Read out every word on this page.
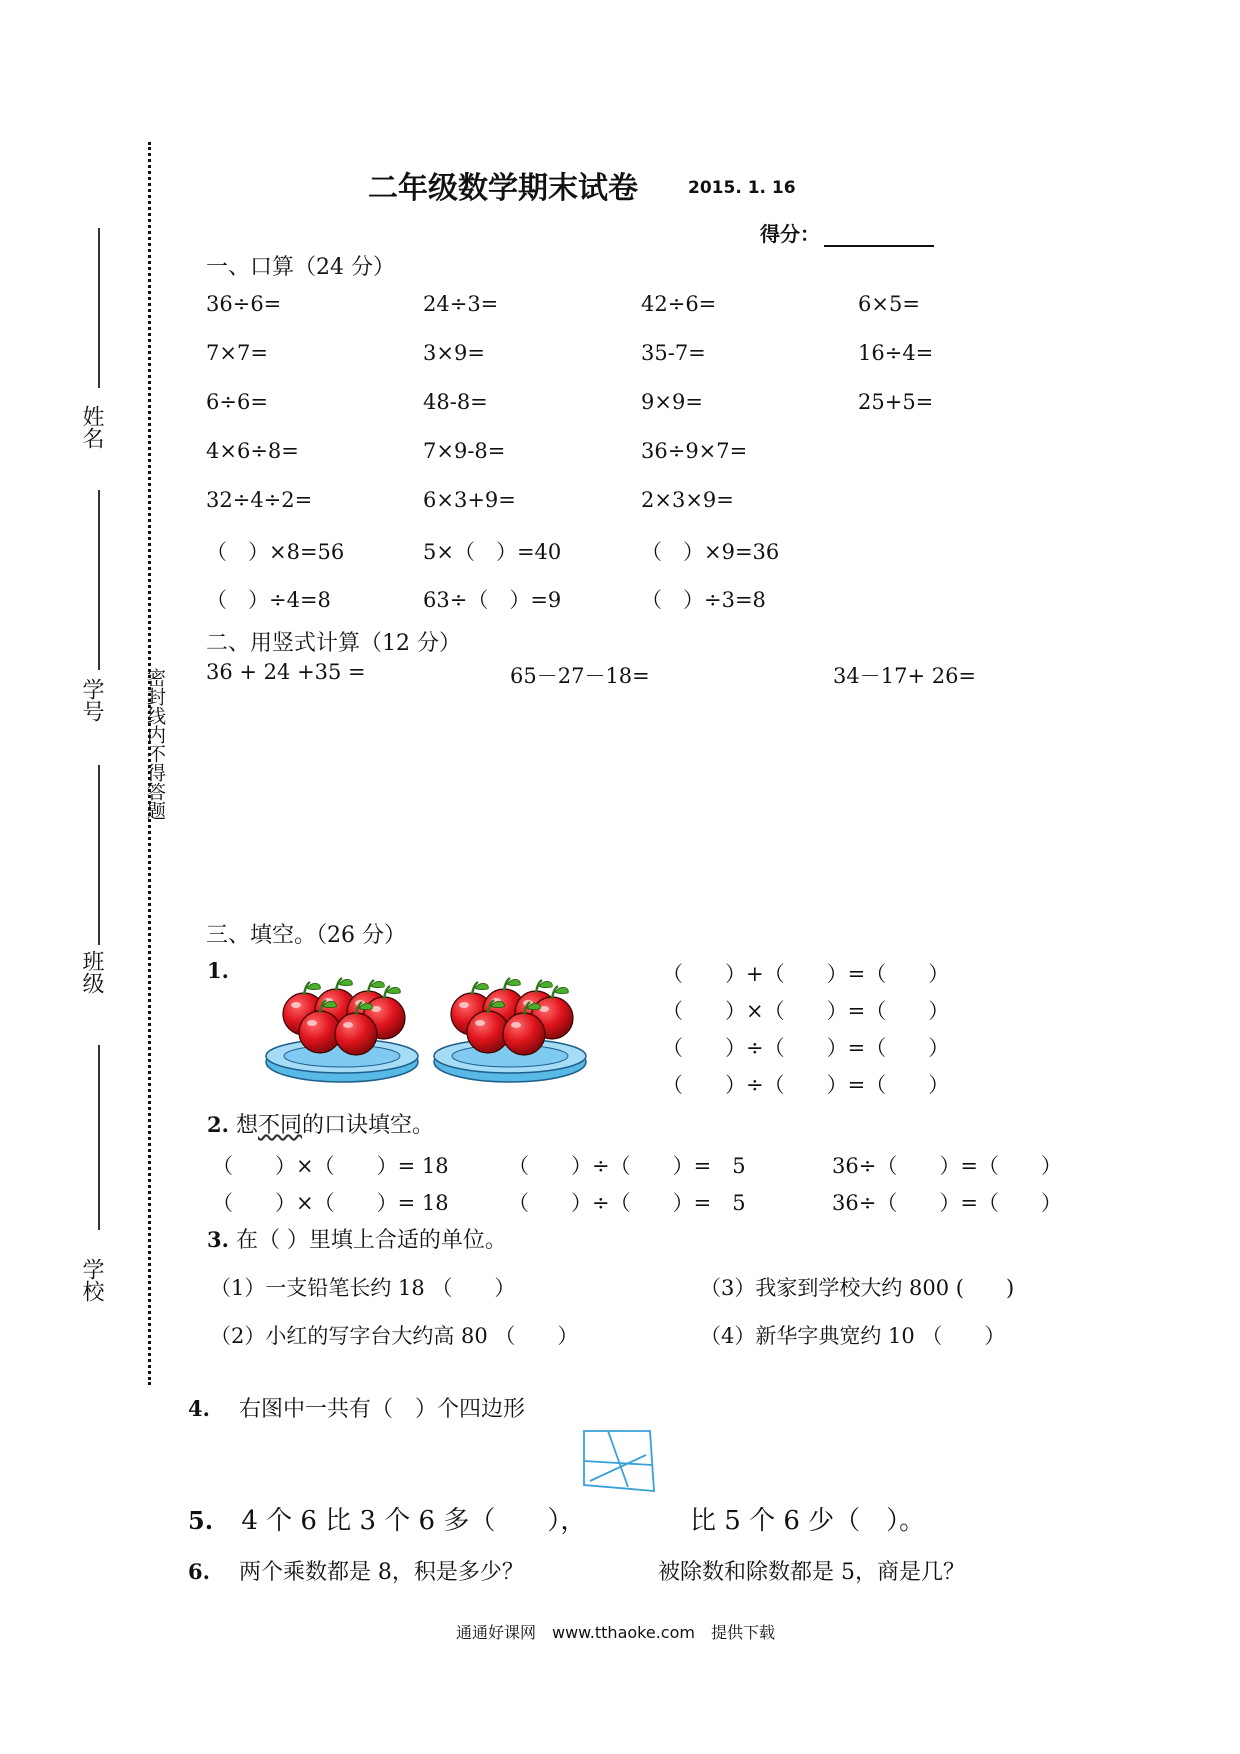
姓名
学号
班级
学校
密封线内不得答题
二年级数学期末试卷	2015. 1. 16
得分：
一、口算（24 分）
36÷6=	24÷3=	42÷6=	6×5=
7×7=	3×9=	35-7=	16÷4=
6÷6=	48-8=	9×9=	25+5=
4×6÷8=	7×9-8=	36÷9×7=
32÷4÷2=	6×3+9=	2×3×9=
（　）×8=56	5×（　）=40	（　）×9=36
（　）÷4=8	63÷（　）=9	（　）÷3=8
二、用竖式计算（12 分）
36 + 24 +35 =	65－27－18=	34－17+ 26=
三、填空。（26 分）
1.	（　　）+（　　）=（　　）
（　　）×（　　）=（　　）
（　　）÷（　　）=（　　）
（　　）÷（　　）=（　　）
2. 想不同的口诀填空。
（　　）×（　　）= 18	（　　）÷（　　）=　5	36÷（　　）=（　　）
（　　）×（　　）= 18	（　　）÷（　　）=　5	36÷（　　）=（　　）
3. 在（ ）里填上合适的单位。
（1）一支铅笔长约 18 （　　）	（3）我家到学校大约 800 (　　)
（2）小红的写字台大约高 80 （　　）	（4）新华字典宽约 10 （　　）
4. 右图中一共有（　）个四边形
5. 4 个 6 比 3 个 6 多（　　），	比 5 个 6 少（　）。
6. 两个乘数都是 8，积是多少？	被除数和除数都是 5，商是几？
通通好课网　www.tthaoke.com　提供下载
